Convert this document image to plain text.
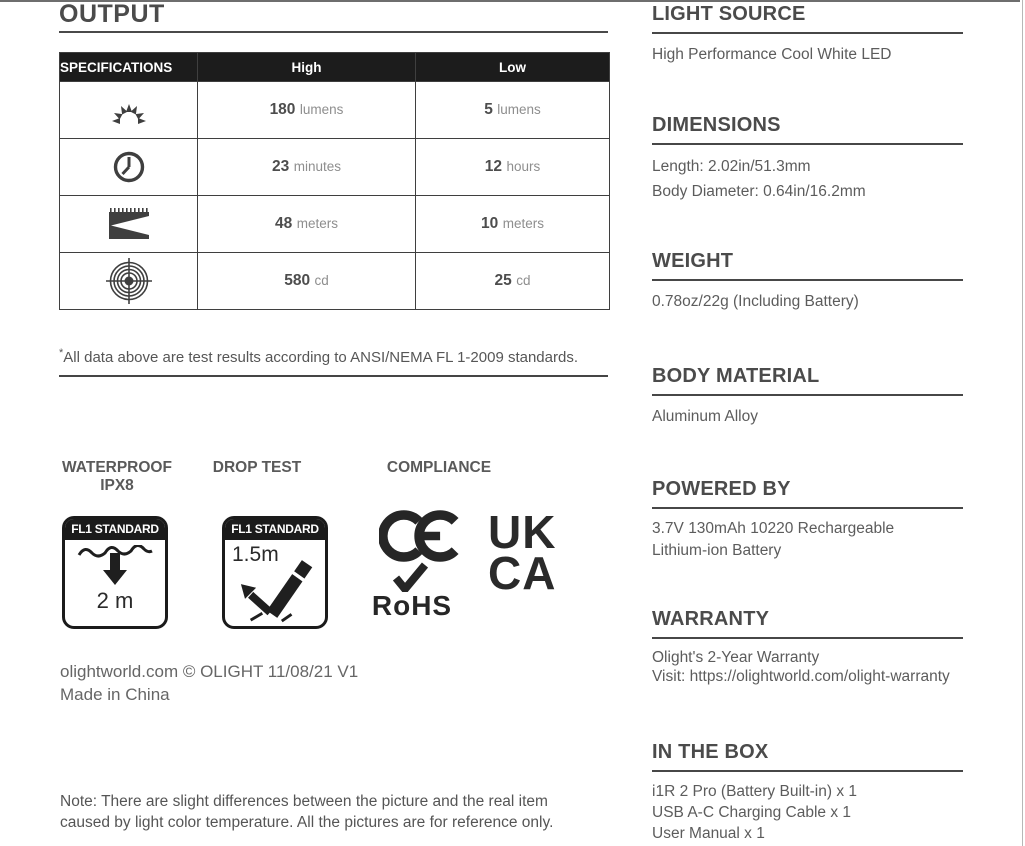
OUTPUT
SPECIFICATIONS	High	Low

	180 lumens	5 lumens

	23 minutes	12 hours

	48 meters	10 meters

	580 cd	25 cd
*All data above are test results according to ANSI/NEMA FL 1-2009 standards.
WATERPROOF
IPX8
DROP TEST	COMPLIANCE
FL1 STANDARD
2 m
FL1 STANDARD
1.5m
RoHS
UK
CA
olightworld.com © OLIGHT 11/08/21 V1
Made in China
Note: There are slight differences between the picture and the real item
caused by light color temperature. All the pictures are for reference only.
LIGHT SOURCE
High Performance Cool White LED
DIMENSIONS
Length: 2.02in/51.3mm
Body Diameter: 0.64in/16.2mm
WEIGHT
0.78oz/22g (Including Battery)
BODY MATERIAL
Aluminum Alloy
POWERED BY
3.7V 130mAh 10220 Rechargeable
Lithium-ion Battery
WARRANTY
Olight's 2-Year Warranty
Visit: https://olightworld.com/olight-warranty
IN THE BOX
i1R 2 Pro (Battery Built-in) x 1
USB A-C Charging Cable x 1
User Manual x 1
